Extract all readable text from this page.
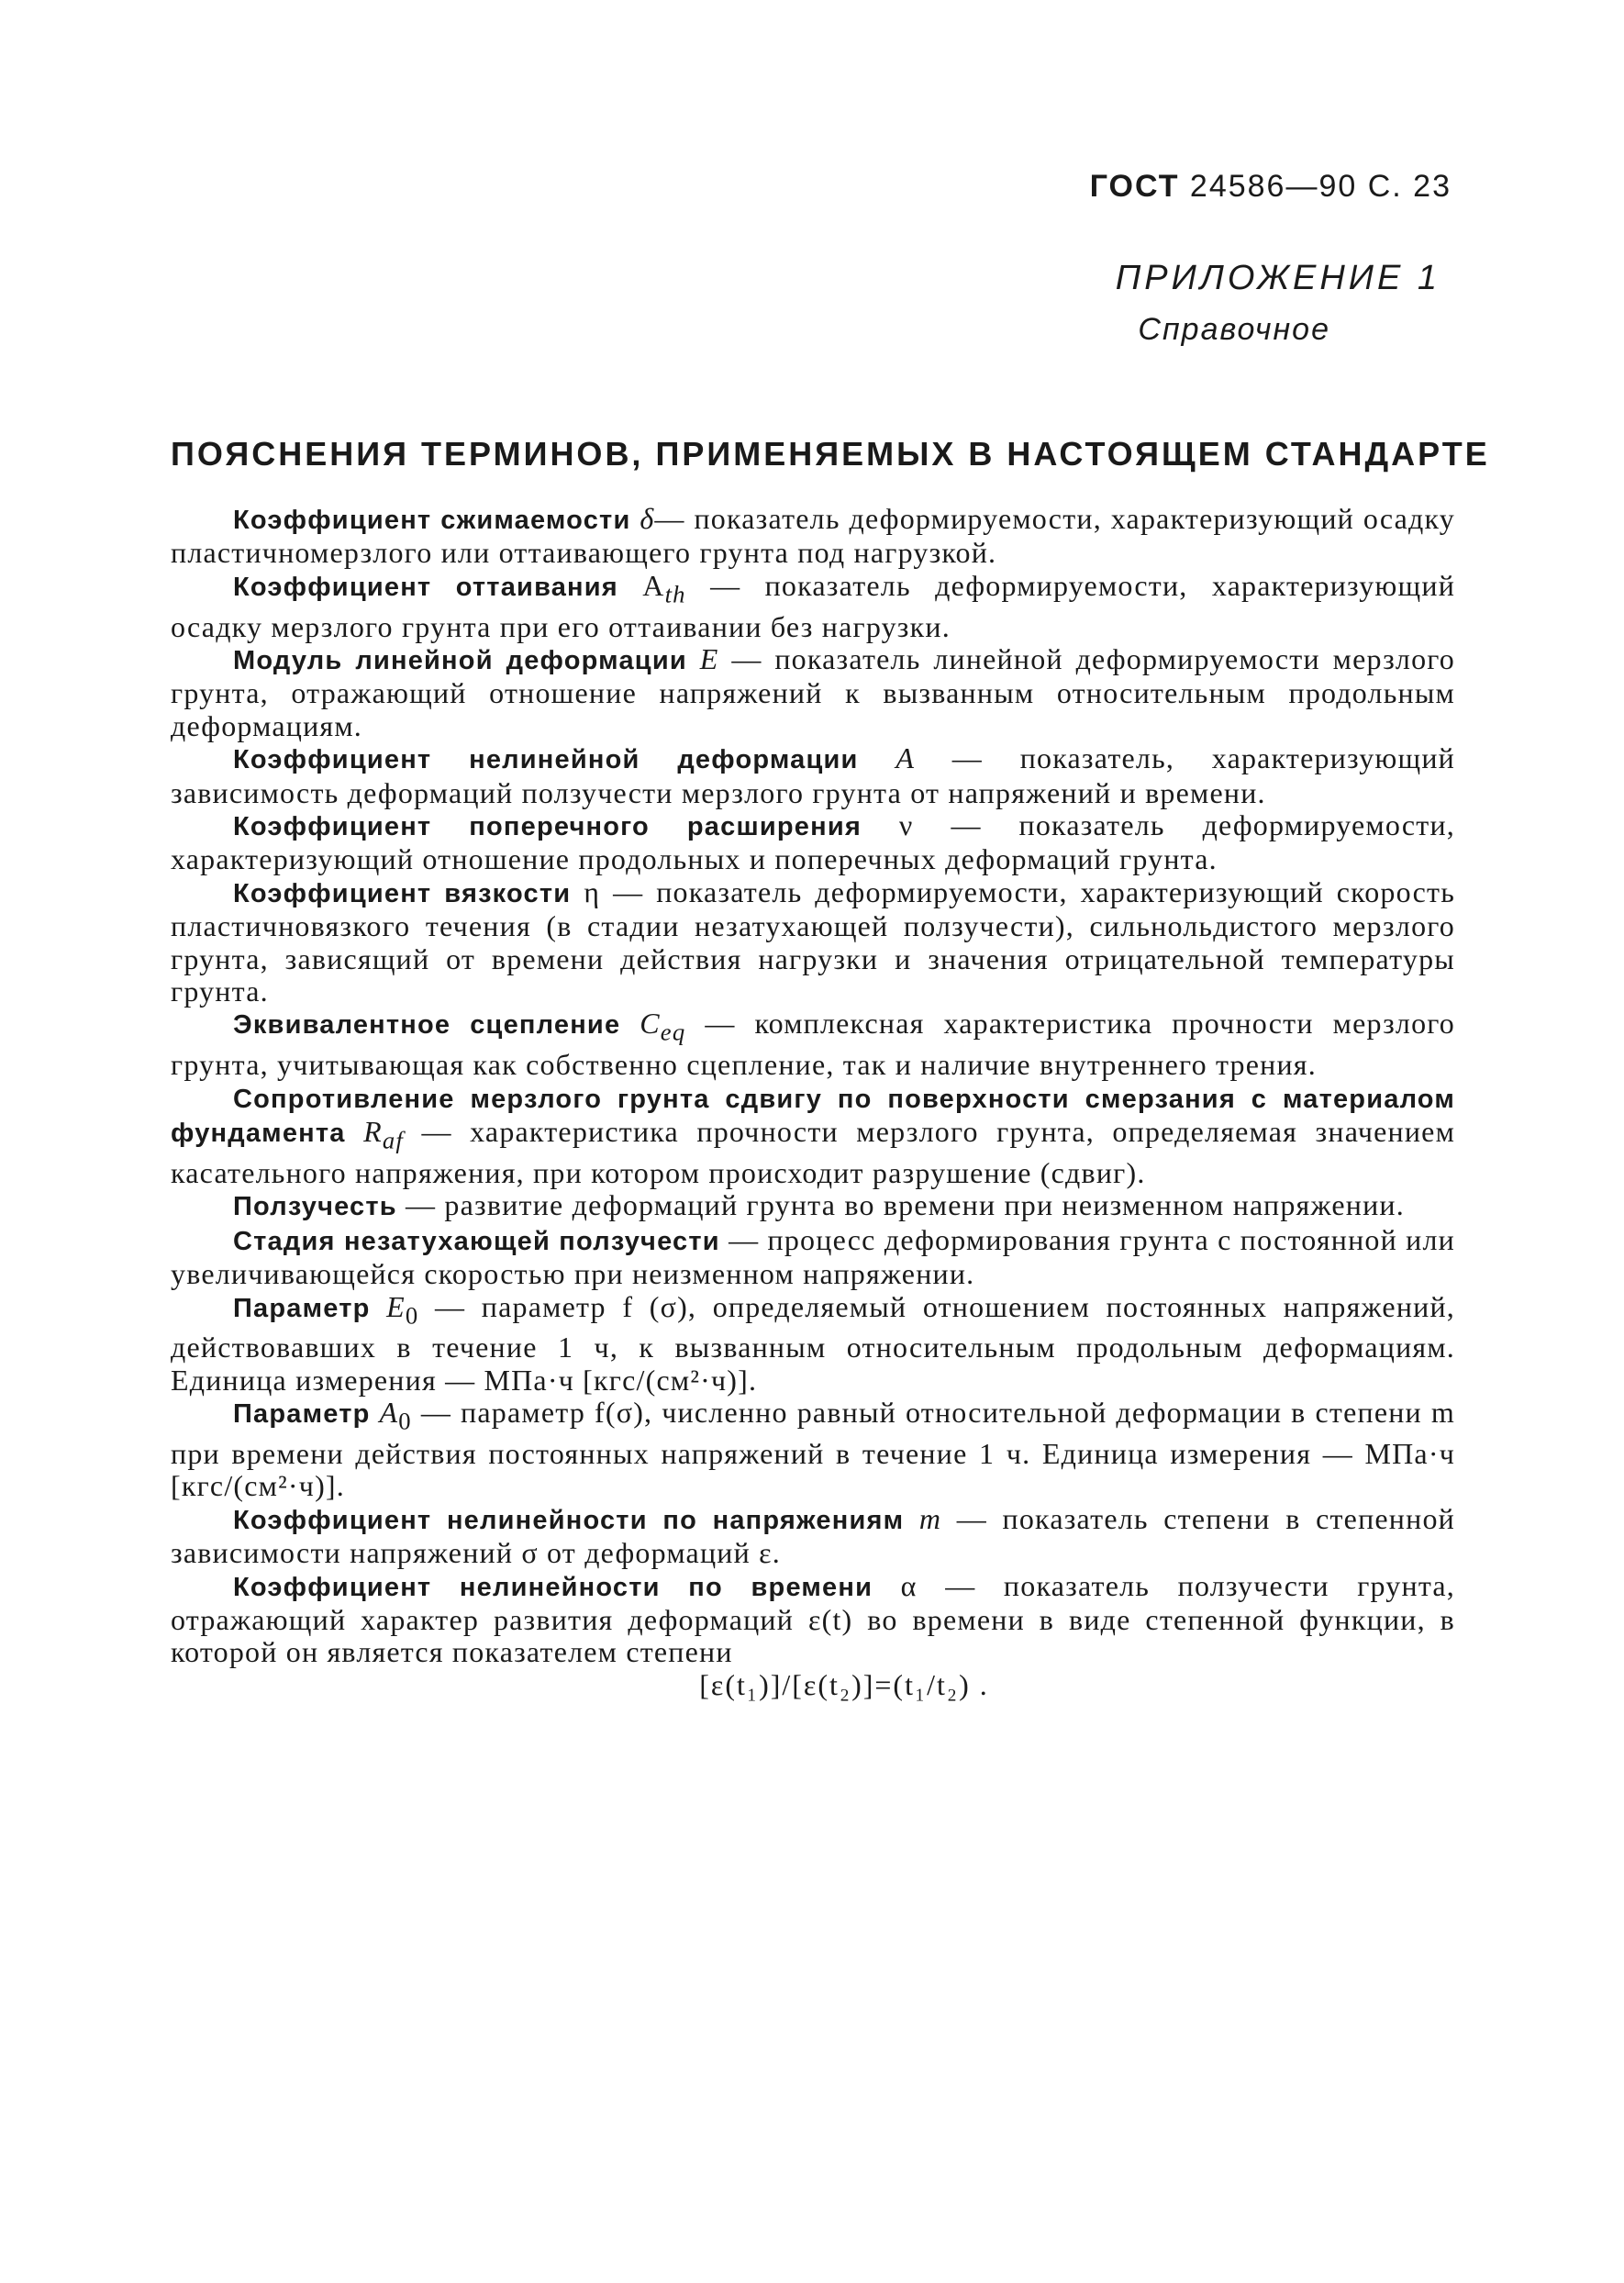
ГОСТ 24586—90 С. 23
ПРИЛОЖЕНИЕ 1
Справочное
ПОЯСНЕНИЯ ТЕРМИНОВ, ПРИМЕНЯЕМЫХ В НАСТОЯЩЕМ СТАНДАРТЕ

Коэффициент сжимаемости δ— показатель деформируемости, характеризующий осадку пластичномерзлого или оттаивающего грунта под нагрузкой.

Коэффициент оттаивания $A_{th}$ — показатель деформируемости, характеризующий осадку мерзлого грунта при его оттаивании без нагрузки.

Модуль линейной деформации E — показатель линейной деформируемости мерзлого грунта, отражающий отношение напряжений к вызванным относительным продольным деформациям.

Коэффициент нелинейной деформации A — показатель, характеризующий зависимость деформаций ползучести мерзлого грунта от напряжений и времени.

Коэффициент поперечного расширения ν — показатель деформируемости, характеризующий отношение продольных и поперечных деформаций грунта.

Коэффициент вязкости η — показатель деформируемости, характеризующий скорость пластичновязкого течения (в стадии незатухающей ползучести), сильнольдистого мерзлого грунта, зависящий от времени действия нагрузки и значения отрицательной температуры грунта.

Эквивалентное сцепление $C_{eq}$ — комплексная характеристика прочности мерзлого грунта, учитывающая как собственно сцепление, так и наличие внутреннего трения.

Сопротивление мерзлого грунта сдвигу по поверхности смерзания с материалом фундамента $R_{af}$ — характеристика прочности мерзлого грунта, определяемая значением касательного напряжения, при котором происходит разрушение (сдвиг).

Ползучесть — развитие деформаций грунта во времени при неизменном напряжении.

Стадия незатухающей ползучести — процесс деформирования грунта с постоянной или увеличивающейся скоростью при неизменном напряжении.

Параметр $E_0$ — параметр f (σ), определяемый отношением постоянных напряжений, действовавших в течение 1 ч, к вызванным относительным продольным деформациям. Единица измерения — МПа·ч [кгс/(см²·ч)].

Параметр $A_0$ — параметр f(σ), численно равный относительной деформации в степени m при времени действия постоянных напряжений в течение 1 ч. Единица измерения — МПа·ч [кгс/(см²·ч)].

Коэффициент нелинейности по напряжениям m — показатель степени в степенной зависимости напряжений σ от деформаций ε.

Коэффициент нелинейности по времени α — показатель ползучести грунта, отражающий характер развития деформаций ε(t) во времени в виде степенной функции, в которой он является показателем степени

[ε(t₁)]/[ε(t₂)]=(t₁/t₂) .
